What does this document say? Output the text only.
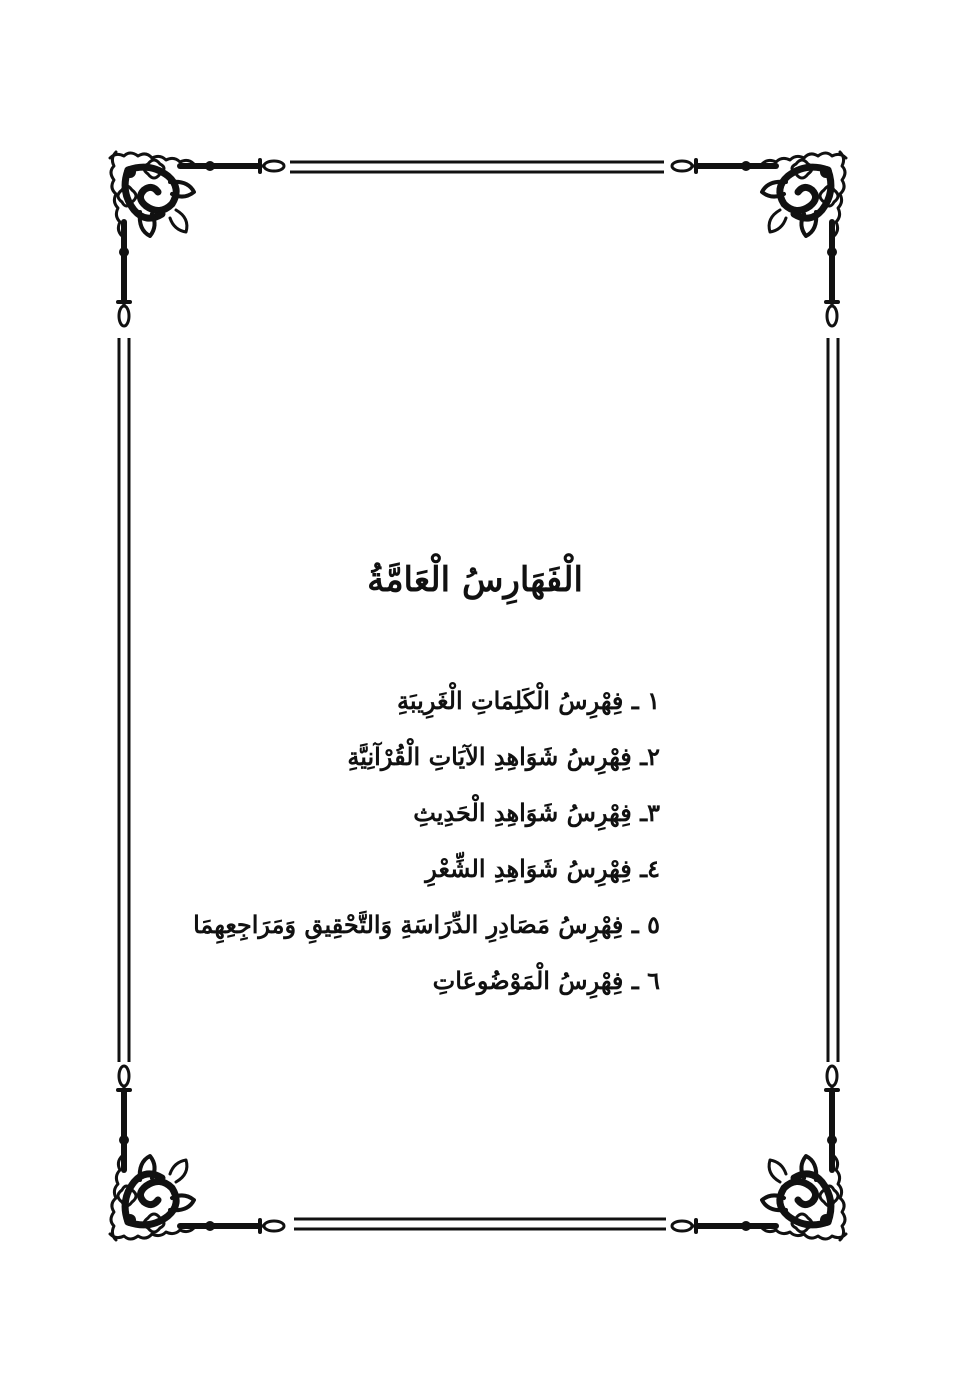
الْفَهَارِسُ الْعَامَّةُ
١ ـ فِهْرِسُ الْكَلِمَاتِ الْغَرِيبَةِ
٢ـ فِهْرِسُ شَوَاهِدِ الآيَاتِ الْقُرْآنِيَّةِ
٣ـ فِهْرِسُ شَوَاهِدِ الْحَدِيثِ
٤ـ فِهْرِسُ شَوَاهِدِ الشِّعْرِ
٥ ـ فِهْرِسُ مَصَادِرِ الدِّرَاسَةِ وَالتَّحْقِيقِ وَمَرَاجِعِهِمَا
٦ ـ فِهْرِسُ الْمَوْضُوعَاتِ
